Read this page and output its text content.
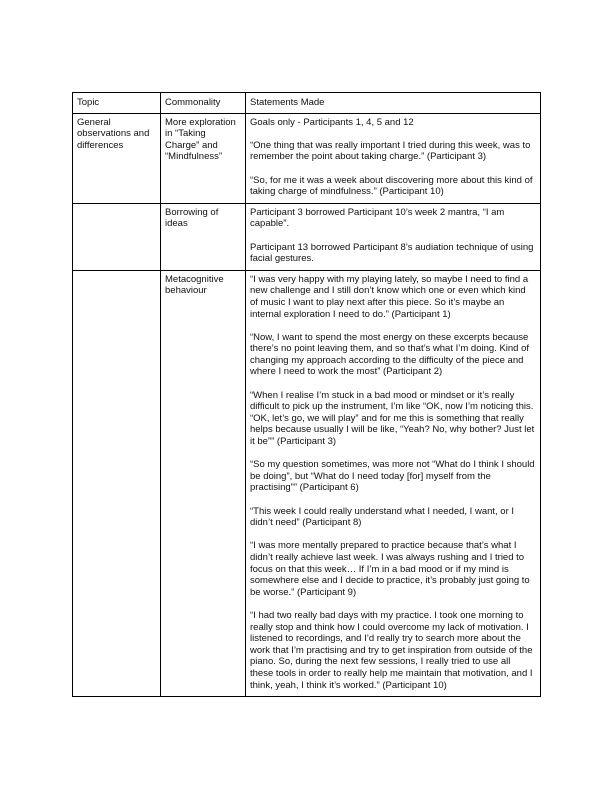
Topic	Commonality	Statements Made
General observations and differences	More exploration in “Taking Charge” and “Mindfulness”	Goals only - Participants 1, 4, 5 and 12

“One thing that was really important I tried during this week, was to remember the point about taking charge.” (Participant 3)

“So, for me it was a week about discovering more about this kind of taking charge of mindfulness.” (Participant 10)

	Borrowing of ideas	Participant 3 borrowed Participant 10’s week 2 mantra, “I am capable”.

Participant 13 borrowed Participant 8’s audiation technique of using facial gestures.

	Metacognitive behaviour	

“I was very happy with my playing lately, so maybe I need to find a new challenge and I still don’t know which one or even which kind of music I want to play next after this piece. So it’s maybe an internal exploration I need to do.” (Participant 1)

“Now, I want to spend the most energy on these excerpts because there’s no point leaving them, and so that’s what I’m doing. Kind of changing my approach according to the difficulty of the piece and where I need to work the most” (Participant 2)

“When I realise I’m stuck in a bad mood or mindset or it’s really difficult to pick up the instrument, I’m like “OK, now I’m noticing this. “OK, let’s go, we will play” and for me this is something that really helps because usually I will be like, “Yeah? No, why bother? Just let it be”” (Participant 3)

“So my question sometimes, was more not “What do I think I should be doing”, but “What do I need today [for] myself from the practising”” (Participant 6)

“This week I could really understand what I needed, I want, or I didn’t need” (Participant 8)

“I was more mentally prepared to practice because that’s what I didn’t really achieve last week. I was always rushing and I tried to focus on that this week… If I’m in a bad mood or if my mind is somewhere else and I decide to practice, it’s probably just going to be worse.” (Participant 9)

“I had two really bad days with my practice. I took one morning to really stop and think how I could overcome my lack of motivation. I listened to recordings, and I’d really try to search more about the work that I’m practising and try to get inspiration from outside of the piano. So, during the next few sessions, I really tried to use all these tools in order to really help me maintain that motivation, and I think, yeah, I think it’s worked.” (Participant 10)
